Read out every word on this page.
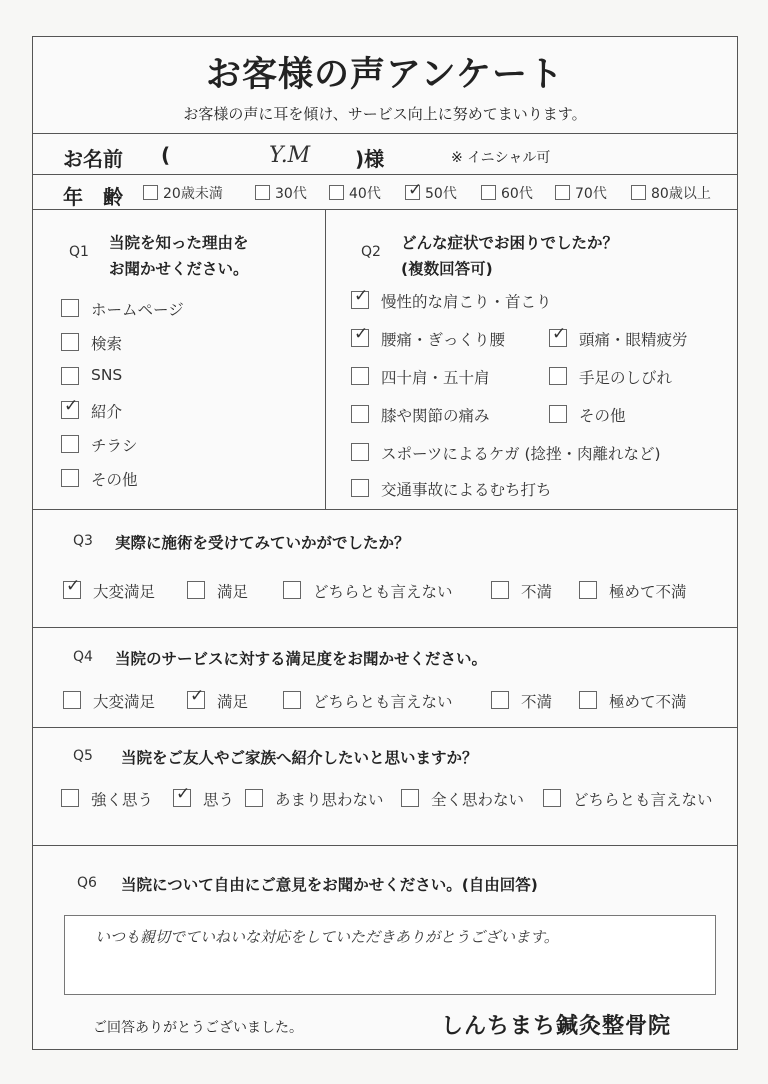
お客様の声アンケート
お客様の声に耳を傾け、サービス向上に努めてまいります。
お名前 (	Y.M )様	※ イニシャル可
年　齢
Q1 当院を知った理由を
お聞かせください。
Q2 どんな症状でお困りでしたか？
(複数回答可)
Q3 実際に施術を受けてみていかがでしたか？
Q4 当院のサービスに対する満足度をお聞かせください。
Q5 当院をご友人やご家族へ紹介したいと思いますか？
Q6 当院について自由にご意見をお聞かせください。(自由回答)
いつも親切でていねいな対応をしていただきありがとうございます。
ご回答ありがとうございました。	しんちまち鍼灸整骨院
20歳未満	30代	40代 ✓ 50代	60代	70代	80歳以上
ホームページ
検索
SNS
✓ 紹介
チラシ
その他
✓ 慢性的な肩こり・首こり
✓ 腰痛・ぎっくり腰	✓ 頭痛・眼精疲労
四十肩・五十肩	手足のしびれ
膝や関節の痛み	その他
スポーツによるケガ (捻挫・肉離れなど)
交通事故によるむち打ち
✓ 大変満足	満足	どちらとも言えない	不満	極めて不満
大変満足 ✓ 満足	どちらとも言えない	不満	極めて不満
強く思う ✓ 思う	あまり思わない	全く思わない	どちらとも言えない
